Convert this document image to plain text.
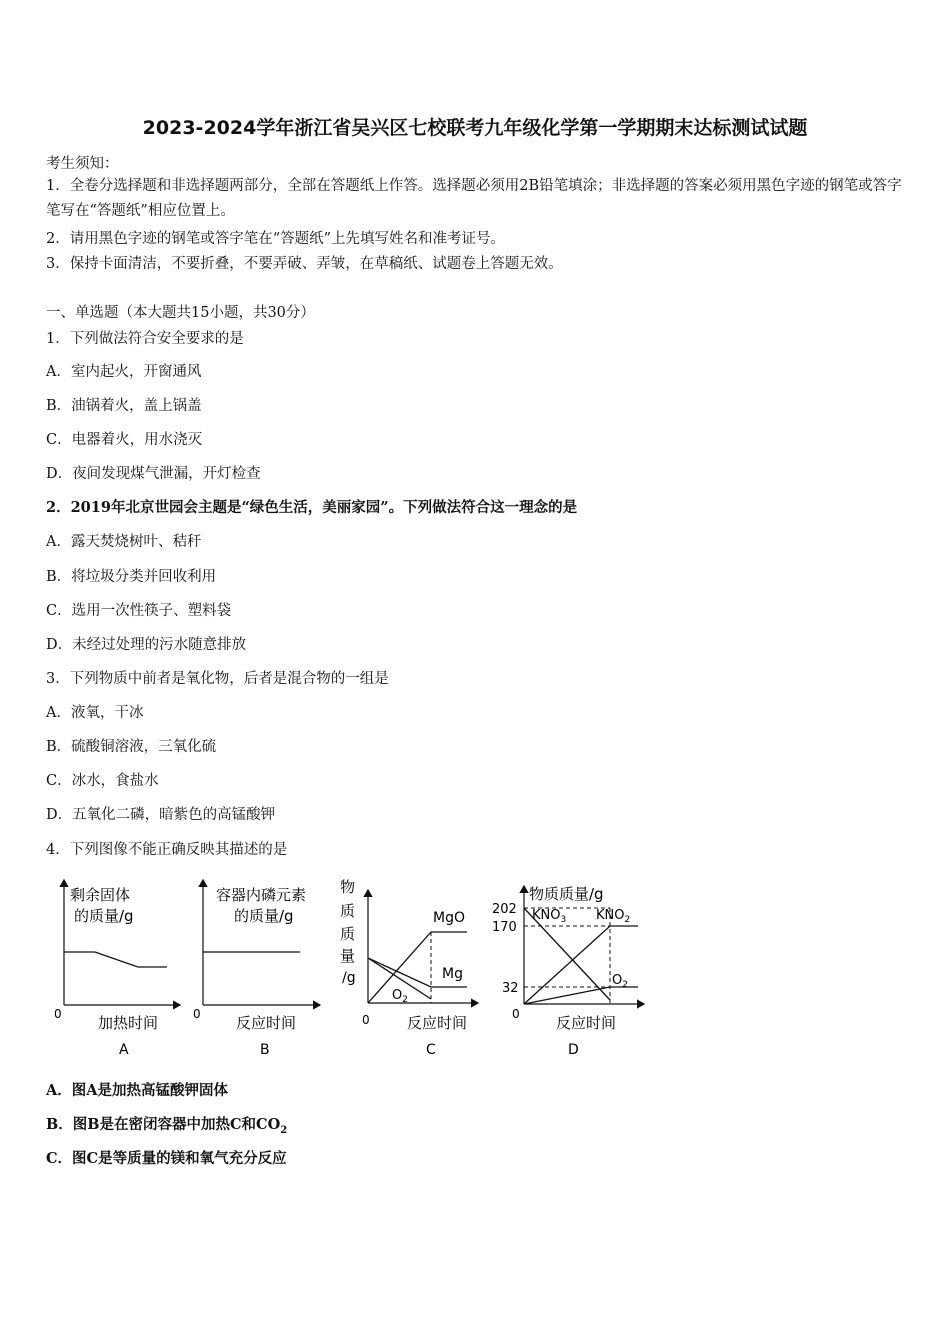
2023-2024学年浙江省吴兴区七校联考九年级化学第一学期期末达标测试试题
考生须知：
1．全卷分选择题和非选择题两部分，全部在答题纸上作答。选择题必须用2B铅笔填涂；非选择题的答案必须用黑色字迹的钢笔或答字笔写在“答题纸”相应位置上。
2．请用黑色字迹的钢笔或答字笔在“答题纸”上先填写姓名和准考证号。
3．保持卡面清洁，不要折叠，不要弄破、弄皱，在草稿纸、试题卷上答题无效。
一、单选题（本大题共15小题，共30分）
1．下列做法符合安全要求的是
A．室内起火，开窗通风
B．油锅着火，盖上锅盖
C．电器着火，用水浇灭
D．夜间发现煤气泄漏，开灯检查
2．2019年北京世园会主题是“绿色生活，美丽家园”。下列做法符合这一理念的是
A．露天焚烧树叶、秸秆
B．将垃圾分类并回收利用
C．选用一次性筷子、塑料袋
D．未经过处理的污水随意排放
3．下列物质中前者是氧化物，后者是混合物的一组是
A．液氧，干冰
B．硫酸铜溶液，三氧化硫
C．冰水，食盐水
D．五氧化二磷，暗紫色的高锰酸钾
4．下列图像不能正确反映其描述的是
剩余固体
的质量/g
0 加热时间
A
容器内磷元素
的质量/g
0 反应时间
B
物
质
质
量
/g
MgO
Mg
$O_2$
0 反应时间
C
物质质量/g
202
170
32
$KNO_3$ $KNO_2$
$O_2$
0 反应时间
D
A．图A是加热高锰酸钾固体
B．图B是在密闭容器中加热C和$CO_2$
C．图C是等质量的镁和氧气充分反应
